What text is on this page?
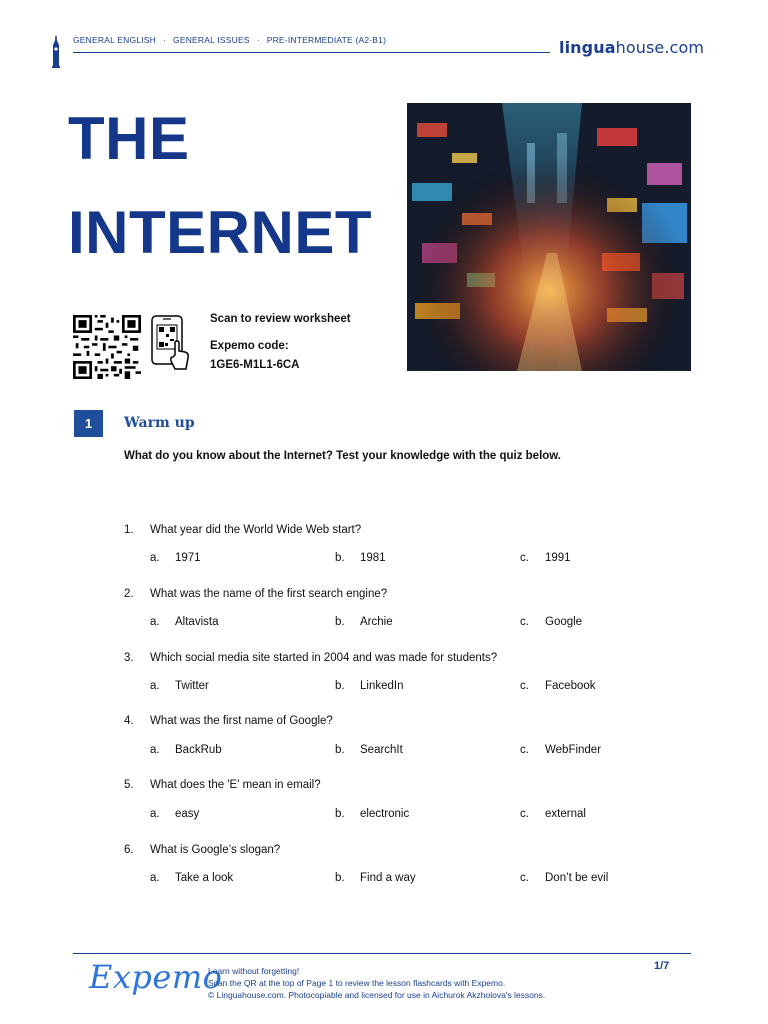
GENERAL ENGLISH · GENERAL ISSUES · PRE-INTERMEDIATE (A2-B1)	linguahouse.com
THE
INTERNET
Scan to review worksheet
Expemo code:
1GE6-M1L1-6CA
1	Warm up
What do you know about the Internet? Test your knowledge with the quiz below.
1. What year did the World Wide Web start?
a. 1971	b. 1981	c. 1991
2. What was the name of the first search engine?
a. Altavista	b. Archie	c. Google
3. Which social media site started in 2004 and was made for students?
a. Twitter	b. LinkedIn	c. Facebook
4. What was the first name of Google?
a. BackRub	b. SearchIt	c. WebFinder
5. What does the 'E' mean in email?
a. easy	b. electronic	c. external
6. What is Google’s slogan?
a. Take a look	b. Find a way	c. Don’t be evil
Expemo
Learn without forgetting!
Scan the QR at the top of Page 1 to review the lesson flashcards with Expemo.
© Linguahouse.com. Photocopiable and licensed for use in Aichurok Akzholova's lessons.
1/7
